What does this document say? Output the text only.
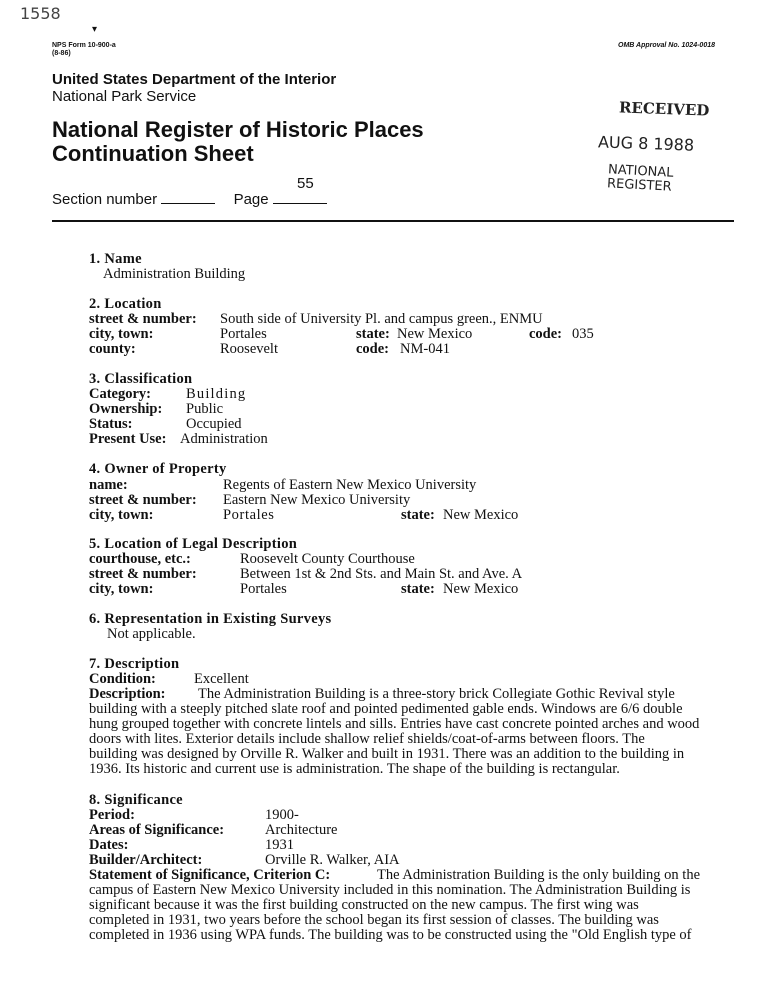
1558
▾
NPS Form 10-900-a
(8-86)
OMB Approval No. 1024-0018
United States Department of the Interior
National Park Service
National Register of Historic Places
Continuation Sheet
RECEIVED
AUG 8 1988
NATIONAL
REGISTER
55
Section number	Page
1. Name
Administration Building
2. Location
street & number: South side of University Pl. and campus green., ENMU
city, town:	Portales	state: New Mexico	code: 035
county:	Roosevelt	code: NM-041
3. Classification
Category: Building
Ownership: Public
Status:	Occupied
Present Use: Administration
4. Owner of Property
name:	Regents of Eastern New Mexico University
street & number: Eastern New Mexico University
city, town:	Portales	state: New Mexico
5. Location of Legal Description
courthouse, etc.:	Roosevelt County Courthouse
street & number:	Between 1st & 2nd Sts. and Main St. and Ave. A
city, town:	Portales	state: New Mexico
6. Representation in Existing Surveys
Not applicable.
7. Description
Condition:	Excellent
Description: The Administration Building is a three-story brick Collegiate Gothic Revival style
building with a steeply pitched slate roof and pointed pedimented gable ends. Windows are 6/6 double
hung grouped together with concrete lintels and sills. Entries have cast concrete pointed arches and wood
doors with lites. Exterior details include shallow relief shields/coat-of-arms between floors. The
building was designed by Orville R. Walker and built in 1931. There was an addition to the building in
1936. Its historic and current use is administration. The shape of the building is rectangular.
8. Significance
Period:	1900-
Areas of Significance:	Architecture
Dates:	1931
Builder/Architect:	Orville R. Walker, AIA
Statement of Significance, Criterion C:	The Administration Building is the only building on the
campus of Eastern New Mexico University included in this nomination. The Administration Building is
significant because it was the first building constructed on the new campus. The first wing was
completed in 1931, two years before the school began its first session of classes. The building was
completed in 1936 using WPA funds. The building was to be constructed using the "Old English type of
